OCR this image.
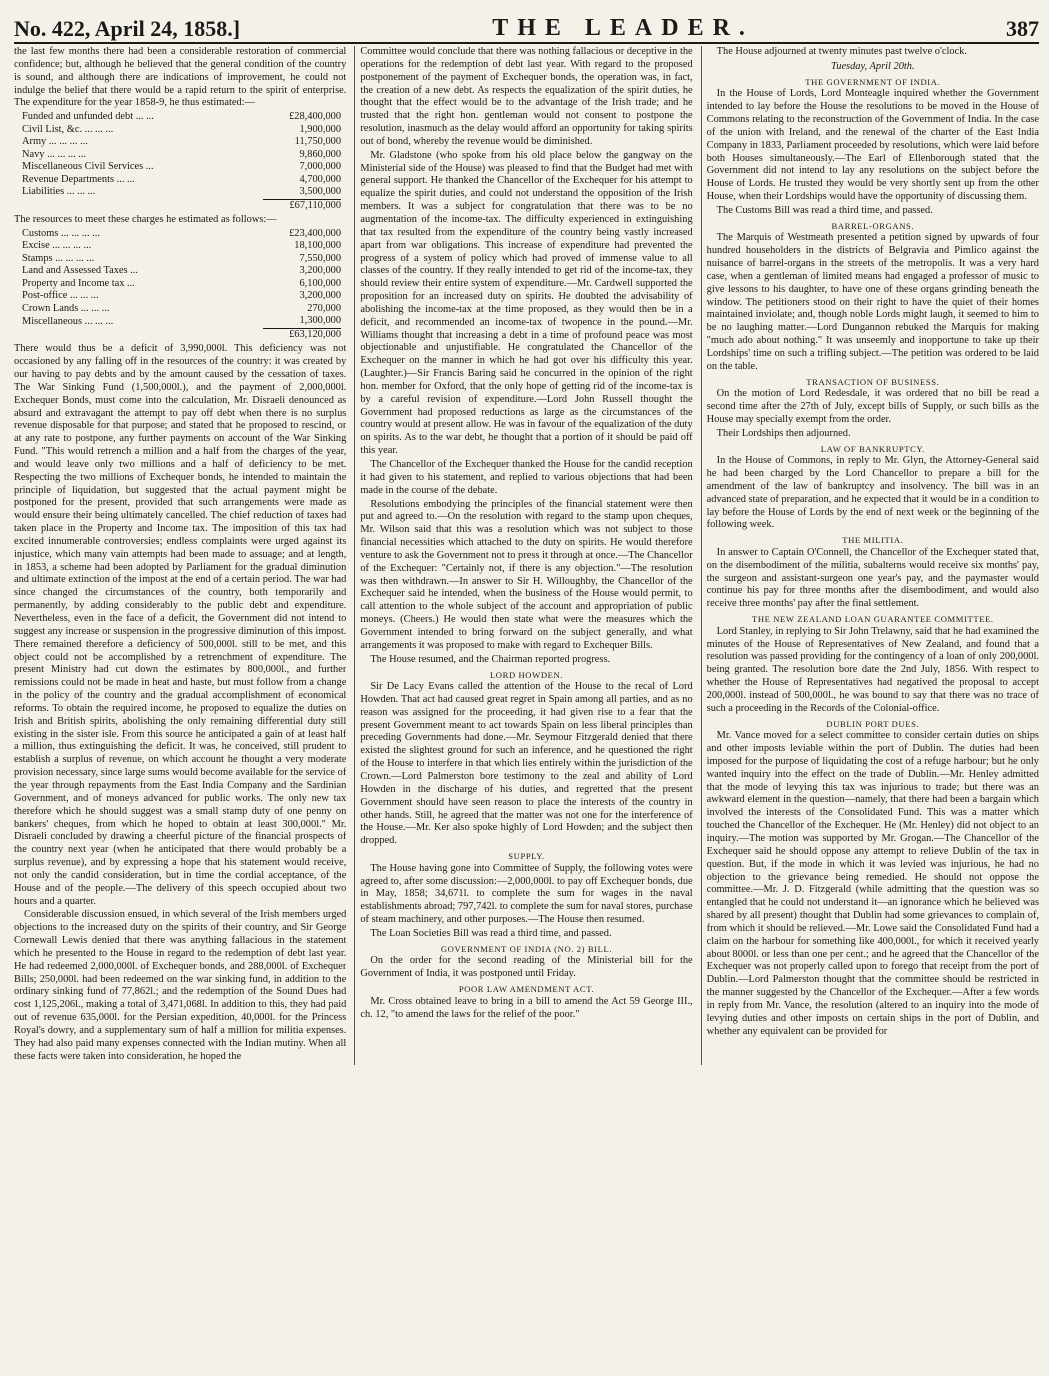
No. 422, April 24, 1858.]	THE LEADER.	387

the last few months there had been a considerable restoration of commercial confidence; but, although he believed that the general condition of the country is sound, and although there are indications of improvement, he could not indulge the belief that there would be a rapid return to the spirit of enterprise. The expenditure for the year 1858-9, he thus estimated:—

Funded and unfunded debt ... ...	£28,400,000
Civil List, &c. ... ... ...	1,900,000
Army ... ... ... ...	11,750,000
Navy ... ... ... ...	9,860,000
Miscellaneous Civil Services ...	7,000,000
Revenue Departments ... ...	4,700,000
Liabilities ... ... ...	3,500,000
	£67,110,000

The resources to meet these charges he estimated as follows:—

Customs ... ... ... ...	£23,400,000
Excise ... ... ... ...	18,100,000
Stamps ... ... ... ...	7,550,000
Land and Assessed Taxes ...	3,200,000
Property and Income tax ...	6,100,000
Post-office ... ... ...	3,200,000
Crown Lands ... ... ...	270,000
Miscellaneous ... ... ...	1,300,000
	£63,120,000

There would thus be a deficit of 3,990,000l. This deficiency was not occasioned by any falling off in the resources of the country: it was created by our having to pay debts and by the amount caused by the cessation of taxes. The War Sinking Fund (1,500,000l.), and the payment of 2,000,000l. Exchequer Bonds, must come into the calculation, Mr. Disraeli denounced as absurd and extravagant the attempt to pay off debt when there is no surplus revenue disposable for that purpose; and stated that he proposed to rescind, or at any rate to postpone, any further payments on account of the War Sinking Fund. "This would retrench a million and a half from the charges of the year, and would leave only two millions and a half of deficiency to be met. Respecting the two millions of Exchequer bonds, he intended to maintain the principle of liquidation, but suggested that the actual payment might be postponed for the present, provided that such arrangements were made as would ensure their being ultimately cancelled. The chief reduction of taxes had taken place in the Property and Income tax. The imposition of this tax had excited innumerable controversies; endless complaints were urged against its injustice, which many vain attempts had been made to assuage; and at length, in 1853, a scheme had been adopted by Parliament for the gradual diminution and ultimate extinction of the impost at the end of a certain period. The war had since changed the circumstances of the country, both temporarily and permanently, by adding considerably to the public debt and expenditure. Nevertheless, even in the face of a deficit, the Government did not intend to suggest any increase or suspension in the progressive diminution of this impost. There remained therefore a deficiency of 500,000l. still to be met, and this object could not be accomplished by a retrenchment of expenditure. The present Ministry had cut down the estimates by 800,000l., and further remissions could not be made in heat and haste, but must follow from a change in the policy of the country and the gradual accomplishment of economical reforms. To obtain the required income, he proposed to equalize the duties on Irish and British spirits, abolishing the only remaining differential duty still existing in the sister isle. From this source he anticipated a gain of at least half a million, thus extinguishing the deficit. It was, he conceived, still prudent to establish a surplus of revenue, on which account he thought a very moderate provision necessary, since large sums would become available for the service of the year through repayments from the East India Company and the Sardinian Government, and of moneys advanced for public works. The only new tax therefore which he should suggest was a small stamp duty of one penny on bankers' cheques, from which he hoped to obtain at least 300,000l." Mr. Disraeli concluded by drawing a cheerful picture of the financial prospects of the country next year (when he anticipated that there would probably be a surplus revenue), and by expressing a hope that his statement would receive, not only the candid consideration, but in time the cordial acceptance, of the House and of the people.—The delivery of this speech occupied about two hours and a quarter.

Considerable discussion ensued, in which several of the Irish members urged objections to the increased duty on the spirits of their country, and Sir George Cornewall Lewis denied that there was anything fallacious in the statement which he presented to the House in regard to the redemption of debt last year. He had redeemed 2,000,000l. of Exchequer bonds, and 288,000l. of Exchequer Bills; 250,000l. had been redeemed on the war sinking fund, in addition to the ordinary sinking fund of 77,862l.; and the redemption of the Sound Dues had cost 1,125,206l., making a total of 3,471,068l. In addition to this, they had paid out of revenue 635,000l. for the Persian expedition, 40,000l. for the Princess Royal's dowry, and a supplementary sum of half a million for militia expenses. They had also paid many expenses connected with the Indian mutiny. When all these facts were taken into consideration, he hoped the

Committee would conclude that there was nothing fallacious or deceptive in the operations for the redemption of debt last year. With regard to the proposed postponement of the payment of Exchequer bonds, the operation was, in fact, the creation of a new debt. As respects the equalization of the spirit duties, he thought that the effect would be to the advantage of the Irish trade; and he trusted that the right hon. gentleman would not consent to postpone the resolution, inasmuch as the delay would afford an opportunity for taking spirits out of bond, whereby the revenue would be diminished.

Mr. Gladstone (who spoke from his old place below the gangway on the Ministerial side of the House) was pleased to find that the Budget had met with general support. He thanked the Chancellor of the Exchequer for his attempt to equalize the spirit duties, and could not understand the opposition of the Irish members. It was a subject for congratulation that there was to be no augmentation of the income-tax. The difficulty experienced in extinguishing that tax resulted from the expenditure of the country being vastly increased apart from war obligations. This increase of expenditure had prevented the progress of a system of policy which had proved of immense value to all classes of the country. If they really intended to get rid of the income-tax, they should review their entire system of expenditure.—Mr. Cardwell supported the proposition for an increased duty on spirits. He doubted the advisability of abolishing the income-tax at the time proposed, as they would then be in a deficit, and recommended an income-tax of twopence in the pound.—Mr. Williams thought that increasing a debt in a time of profound peace was most objectionable and unjustifiable. He congratulated the Chancellor of the Exchequer on the manner in which he had got over his difficulty this year. (Laughter.)—Sir Francis Baring said he concurred in the opinion of the right hon. member for Oxford, that the only hope of getting rid of the income-tax is by a careful revision of expenditure.—Lord John Russell thought the Government had proposed reductions as large as the circumstances of the country would at present allow. He was in favour of the equalization of the duty on spirits. As to the war debt, he thought that a portion of it should be paid off this year.

The Chancellor of the Exchequer thanked the House for the candid reception it had given to his statement, and replied to various objections that had been made in the course of the debate.

Resolutions embodying the principles of the financial statement were then put and agreed to.—On the resolution with regard to the stamp upon cheques, Mr. Wilson said that this was a resolution which was not subject to those financial necessities which attached to the duty on spirits. He would therefore venture to ask the Government not to press it through at once.—The Chancellor of the Exchequer: "Certainly not, if there is any objection."—The resolution was then withdrawn.—In answer to Sir H. Willoughby, the Chancellor of the Exchequer said he intended, when the business of the House would permit, to call attention to the whole subject of the account and appropriation of public moneys. (Cheers.) He would then state what were the measures which the Government intended to bring forward on the subject generally, and what arrangements it was proposed to make with regard to Exchequer Bills.

The House resumed, and the Chairman reported progress.

LORD HOWDEN.

Sir De Lacy Evans called the attention of the House to the recal of Lord Howden. That act had caused great regret in Spain among all parties, and as no reason was assigned for the proceeding, it had given rise to a fear that the present Government meant to act towards Spain on less liberal principles than preceding Governments had done.—Mr. Seymour Fitzgerald denied that there existed the slightest ground for such an inference, and he questioned the right of the House to interfere in that which lies entirely within the jurisdiction of the Crown.—Lord Palmerston bore testimony to the zeal and ability of Lord Howden in the discharge of his duties, and regretted that the present Government should have seen reason to place the interests of the country in other hands. Still, he agreed that the matter was not one for the interference of the House.—Mr. Ker also spoke highly of Lord Howden; and the subject then dropped.

SUPPLY.

The House having gone into Committee of Supply, the following votes were agreed to, after some discussion:—2,000,000l. to pay off Exchequer bonds, due in May, 1858; 34,671l. to complete the sum for wages in the naval establishments abroad; 797,742l. to complete the sum for naval stores, purchase of steam machinery, and other purposes.—The House then resumed.

The Loan Societies Bill was read a third time, and passed.

GOVERNMENT OF INDIA (NO. 2) BILL.

On the order for the second reading of the Ministerial bill for the Government of India, it was postponed until Friday.

POOR LAW AMENDMENT ACT.

Mr. Cross obtained leave to bring in a bill to amend the Act 59 George III., ch. 12, "to amend the laws for the relief of the poor."

The House adjourned at twenty minutes past twelve o'clock.

Tuesday, April 20th.
THE GOVERNMENT OF INDIA.

In the House of Lords, Lord Monteagle inquired whether the Government intended to lay before the House the resolutions to be moved in the House of Commons relating to the reconstruction of the Government of India. In the case of the union with Ireland, and the renewal of the charter of the East India Company in 1833, Parliament proceeded by resolutions, which were laid before both Houses simultaneously.—The Earl of Ellenborough stated that the Government did not intend to lay any resolutions on the subject before the House of Lords. He trusted they would be very shortly sent up from the other House, when their Lordships would have the opportunity of discussing them.

The Customs Bill was read a third time, and passed.

BARREL-ORGANS.

The Marquis of Westmeath presented a petition signed by upwards of four hundred householders in the districts of Belgravia and Pimlico against the nuisance of barrel-organs in the streets of the metropolis. It was a very hard case, when a gentleman of limited means had engaged a professor of music to give lessons to his daughter, to have one of these organs grinding beneath the window. The petitioners stood on their right to have the quiet of their homes maintained inviolate; and, though noble Lords might laugh, it seemed to him to be no laughing matter.—Lord Dungannon rebuked the Marquis for making "much ado about nothing." It was unseemly and inopportune to take up their Lordships' time on such a trifling subject.—The petition was ordered to be laid on the table.

TRANSACTION OF BUSINESS.

On the motion of Lord Redesdale, it was ordered that no bill be read a second time after the 27th of July, except bills of Supply, or such bills as the House may specially exempt from the order.

Their Lordships then adjourned.

LAW OF BANKRUPTCY.

In the House of Commons, in reply to Mr. Glyn, the Attorney-General said he had been charged by the Lord Chancellor to prepare a bill for the amendment of the law of bankruptcy and insolvency. The bill was in an advanced state of preparation, and he expected that it would be in a condition to lay before the House of Lords by the end of next week or the beginning of the following week.

THE MILITIA.

In answer to Captain O'Connell, the Chancellor of the Exchequer stated that, on the disembodiment of the militia, subalterns would receive six months' pay, the surgeon and assistant-surgeon one year's pay, and the paymaster would continue his pay for three months after the disembodiment, and would also receive three months' pay after the final settlement.

THE NEW ZEALAND LOAN GUARANTEE COMMITTEE.

Lord Stanley, in replying to Sir John Trelawny, said that he had examined the minutes of the House of Representatives of New Zealand, and found that a resolution was passed providing for the contingency of a loan of only 200,000l. being granted. The resolution bore date the 2nd July, 1856. With respect to whether the House of Representatives had negatived the proposal to accept 200,000l. instead of 500,000l., he was bound to say that there was no trace of such a proceeding in the Records of the Colonial-office.

DUBLIN PORT DUES.

Mr. Vance moved for a select committee to consider certain duties on ships and other imposts leviable within the port of Dublin. The duties had been imposed for the purpose of liquidating the cost of a refuge harbour; but he only wanted inquiry into the effect on the trade of Dublin.—Mr. Henley admitted that the mode of levying this tax was injurious to trade; but there was an awkward element in the question—namely, that there had been a bargain which involved the interests of the Consolidated Fund. This was a matter which touched the Chancellor of the Exchequer. He (Mr. Henley) did not object to an inquiry.—The motion was supported by Mr. Grogan.—The Chancellor of the Exchequer said he should oppose any attempt to relieve Dublin of the tax in question. But, if the mode in which it was levied was injurious, he had no objection to the grievance being remedied. He should not oppose the committee.—Mr. J. D. Fitzgerald (while admitting that the question was so entangled that he could not understand it—an ignorance which he believed was shared by all present) thought that Dublin had some grievances to complain of, from which it should be relieved.—Mr. Lowe said the Consolidated Fund had a claim on the harbour for something like 400,000l., for which it received yearly about 8000l. or less than one per cent.; and he agreed that the Chancellor of the Exchequer was not properly called upon to forego that receipt from the port of Dublin.—Lord Palmerston thought that the committee should be restricted in the manner suggested by the Chancellor of the Exchequer.—After a few words in reply from Mr. Vance, the resolution (altered to an inquiry into the mode of levying duties and other imposts on certain ships in the port of Dublin, and whether any equivalent can be provided for
